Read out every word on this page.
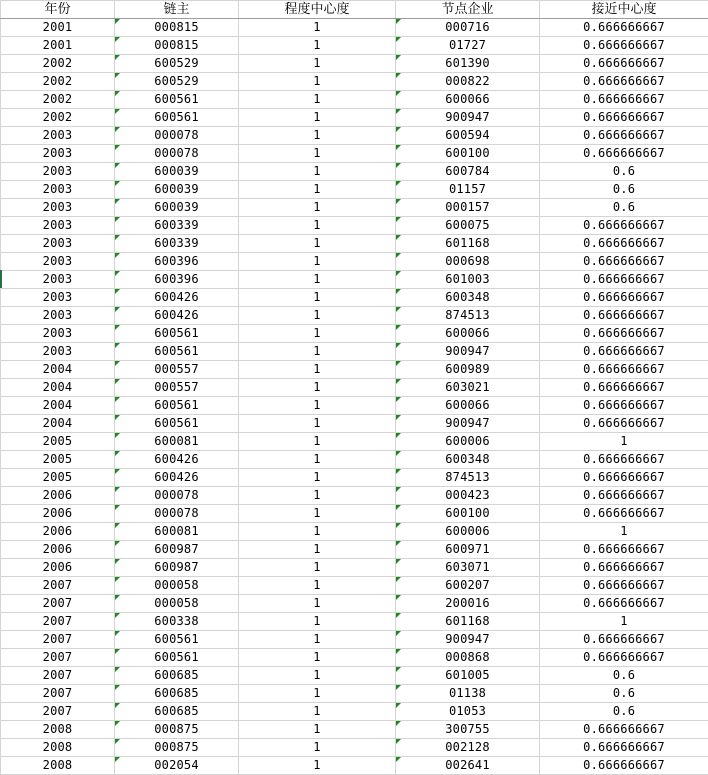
年份	链主	程度中心度	节点企业	接近中心度
2001	000815	1	000716	0.666666667
2001	000815	1	01727	0.666666667
2002	600529	1	601390	0.666666667
2002	600529	1	000822	0.666666667
2002	600561	1	600066	0.666666667
2002	600561	1	900947	0.666666667
2003	000078	1	600594	0.666666667
2003	000078	1	600100	0.666666667
2003	600039	1	600784	0.6
2003	600039	1	01157	0.6
2003	600039	1	000157	0.6
2003	600339	1	600075	0.666666667
2003	600339	1	601168	0.666666667
2003	600396	1	000698	0.666666667
2003	600396	1	601003	0.666666667
2003	600426	1	600348	0.666666667
2003	600426	1	874513	0.666666667
2003	600561	1	600066	0.666666667
2003	600561	1	900947	0.666666667
2004	000557	1	600989	0.666666667
2004	000557	1	603021	0.666666667
2004	600561	1	600066	0.666666667
2004	600561	1	900947	0.666666667
2005	600081	1	600006	1
2005	600426	1	600348	0.666666667
2005	600426	1	874513	0.666666667
2006	000078	1	000423	0.666666667
2006	000078	1	600100	0.666666667
2006	600081	1	600006	1
2006	600987	1	600971	0.666666667
2006	600987	1	603071	0.666666667
2007	000058	1	600207	0.666666667
2007	000058	1	200016	0.666666667
2007	600338	1	601168	1
2007	600561	1	900947	0.666666667
2007	600561	1	000868	0.666666667
2007	600685	1	601005	0.6
2007	600685	1	01138	0.6
2007	600685	1	01053	0.6
2008	000875	1	300755	0.666666667
2008	000875	1	002128	0.666666667
2008	002054	1	002641	0.666666667
